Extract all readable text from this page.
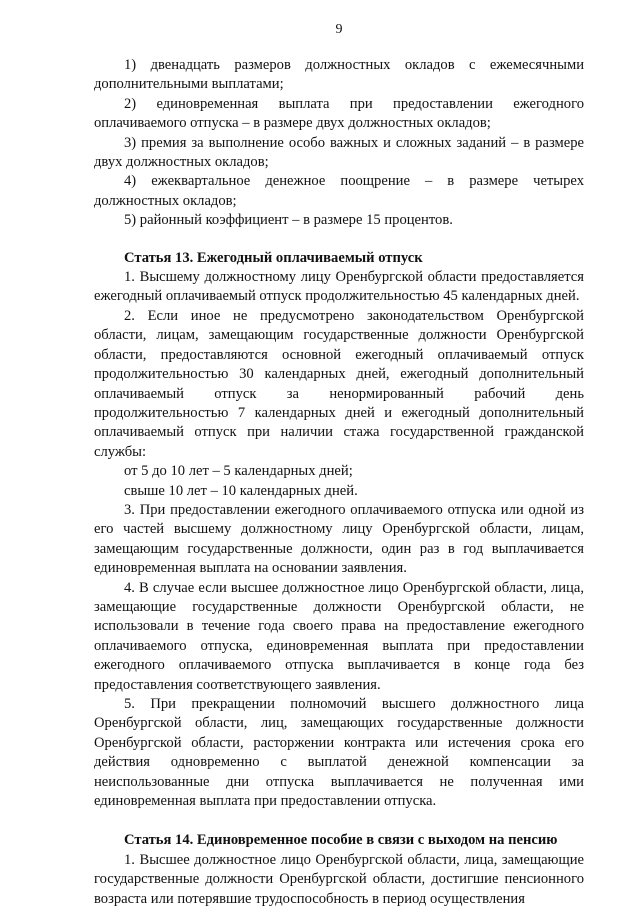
9

1) двенадцать размеров должностных окладов с ежемесячными дополнительными выплатами;

2) единовременная выплата при предоставлении ежегодного оплачиваемого отпуска – в размере двух должностных окладов;

3) премия за выполнение особо важных и сложных заданий – в размере двух должностных окладов;

4) ежеквартальное денежное поощрение – в размере четырех должностных окладов;

5) районный коэффициент – в размере 15 процентов.

Статья 13. Ежегодный оплачиваемый отпуск

1. Высшему должностному лицу Оренбургской области предоставляется ежегодный оплачиваемый отпуск продолжительностью 45 календарных дней.

2. Если иное не предусмотрено законодательством Оренбургской области, лицам, замещающим государственные должности Оренбургской области, предоставляются основной ежегодный оплачиваемый отпуск продолжительностью 30 календарных дней, ежегодный дополнительный оплачиваемый отпуск за ненормированный рабочий день продолжительностью 7 календарных дней и ежегодный дополнительный оплачиваемый отпуск при наличии стажа государственной гражданской службы:

от 5 до 10 лет – 5 календарных дней;

свыше 10 лет – 10 календарных дней.

3. При предоставлении ежегодного оплачиваемого отпуска или одной из его частей высшему должностному лицу Оренбургской области, лицам, замещающим государственные должности, один раз в год выплачивается единовременная выплата на основании заявления.

4. В случае если высшее должностное лицо Оренбургской области, лица, замещающие государственные должности Оренбургской области, не использовали в течение года своего права на предоставление ежегодного оплачиваемого отпуска, единовременная выплата при предоставлении ежегодного оплачиваемого отпуска выплачивается в конце года без предоставления соответствующего заявления.

5. При прекращении полномочий высшего должностного лица Оренбургской области, лиц, замещающих государственные должности Оренбургской области, расторжении контракта или истечения срока его действия одновременно с выплатой денежной компенсации за неиспользованные дни отпуска выплачивается не полученная ими единовременная выплата при предоставлении отпуска.

Статья 14. Единовременное пособие в связи с выходом на пенсию

1. Высшее должностное лицо Оренбургской области, лица, замещающие государственные должности Оренбургской области, достигшие пенсионного возраста или потерявшие трудоспособность в период осуществления
